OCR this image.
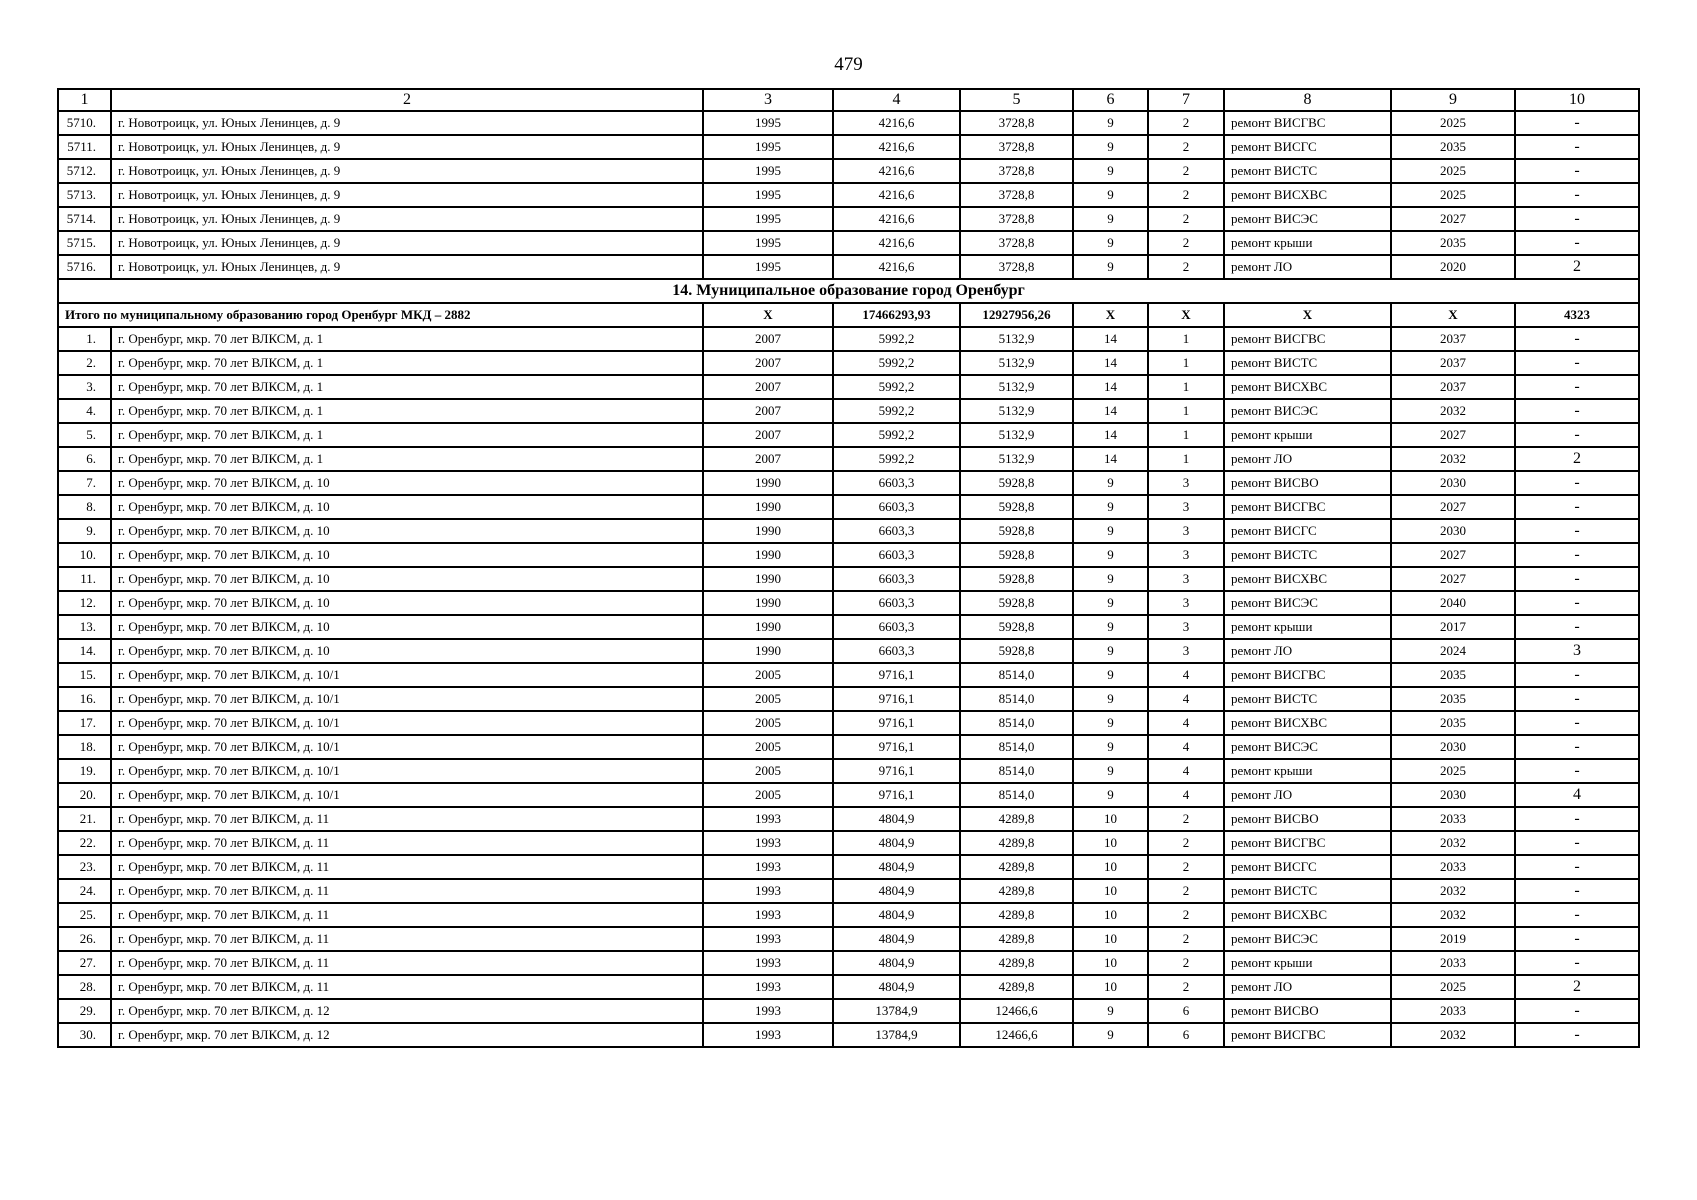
479
1	2	3	4	5	6	7	8	9	10
5710.	г. Новотроицк, ул. Юных Ленинцев, д. 9	1995	4216,6	3728,8	9	2	ремонт ВИСГВС	2025	-
5711.	г. Новотроицк, ул. Юных Ленинцев, д. 9	1995	4216,6	3728,8	9	2	ремонт ВИСГС	2035	-
5712.	г. Новотроицк, ул. Юных Ленинцев, д. 9	1995	4216,6	3728,8	9	2	ремонт ВИСТС	2025	-
5713.	г. Новотроицк, ул. Юных Ленинцев, д. 9	1995	4216,6	3728,8	9	2	ремонт ВИСХВС	2025	-
5714.	г. Новотроицк, ул. Юных Ленинцев, д. 9	1995	4216,6	3728,8	9	2	ремонт ВИСЭС	2027	-
5715.	г. Новотроицк, ул. Юных Ленинцев, д. 9	1995	4216,6	3728,8	9	2	ремонт крыши	2035	-
5716.	г. Новотроицк, ул. Юных Ленинцев, д. 9	1995	4216,6	3728,8	9	2	ремонт ЛО	2020	2
14. Муниципальное образование город Оренбург									
Итого по муниципальному образованию город Оренбург МКД – 2882		X	17466293,93	12927956,26	X	X	X	X	4323
1.	г. Оренбург, мкр. 70 лет ВЛКСМ, д. 1	2007	5992,2	5132,9	14	1	ремонт ВИСГВС	2037	-
2.	г. Оренбург, мкр. 70 лет ВЛКСМ, д. 1	2007	5992,2	5132,9	14	1	ремонт ВИСТС	2037	-
3.	г. Оренбург, мкр. 70 лет ВЛКСМ, д. 1	2007	5992,2	5132,9	14	1	ремонт ВИСХВС	2037	-
4.	г. Оренбург, мкр. 70 лет ВЛКСМ, д. 1	2007	5992,2	5132,9	14	1	ремонт ВИСЭС	2032	-
5.	г. Оренбург, мкр. 70 лет ВЛКСМ, д. 1	2007	5992,2	5132,9	14	1	ремонт крыши	2027	-
6.	г. Оренбург, мкр. 70 лет ВЛКСМ, д. 1	2007	5992,2	5132,9	14	1	ремонт ЛО	2032	2
7.	г. Оренбург, мкр. 70 лет ВЛКСМ, д. 10	1990	6603,3	5928,8	9	3	ремонт ВИСВО	2030	-
8.	г. Оренбург, мкр. 70 лет ВЛКСМ, д. 10	1990	6603,3	5928,8	9	3	ремонт ВИСГВС	2027	-
9.	г. Оренбург, мкр. 70 лет ВЛКСМ, д. 10	1990	6603,3	5928,8	9	3	ремонт ВИСГС	2030	-
10.	г. Оренбург, мкр. 70 лет ВЛКСМ, д. 10	1990	6603,3	5928,8	9	3	ремонт ВИСТС	2027	-
11.	г. Оренбург, мкр. 70 лет ВЛКСМ, д. 10	1990	6603,3	5928,8	9	3	ремонт ВИСХВС	2027	-
12.	г. Оренбург, мкр. 70 лет ВЛКСМ, д. 10	1990	6603,3	5928,8	9	3	ремонт ВИСЭС	2040	-
13.	г. Оренбург, мкр. 70 лет ВЛКСМ, д. 10	1990	6603,3	5928,8	9	3	ремонт крыши	2017	-
14.	г. Оренбург, мкр. 70 лет ВЛКСМ, д. 10	1990	6603,3	5928,8	9	3	ремонт ЛО	2024	3
15.	г. Оренбург, мкр. 70 лет ВЛКСМ, д. 10/1	2005	9716,1	8514,0	9	4	ремонт ВИСГВС	2035	-
16.	г. Оренбург, мкр. 70 лет ВЛКСМ, д. 10/1	2005	9716,1	8514,0	9	4	ремонт ВИСТС	2035	-
17.	г. Оренбург, мкр. 70 лет ВЛКСМ, д. 10/1	2005	9716,1	8514,0	9	4	ремонт ВИСХВС	2035	-
18.	г. Оренбург, мкр. 70 лет ВЛКСМ, д. 10/1	2005	9716,1	8514,0	9	4	ремонт ВИСЭС	2030	-
19.	г. Оренбург, мкр. 70 лет ВЛКСМ, д. 10/1	2005	9716,1	8514,0	9	4	ремонт крыши	2025	-
20.	г. Оренбург, мкр. 70 лет ВЛКСМ, д. 10/1	2005	9716,1	8514,0	9	4	ремонт ЛО	2030	4
21.	г. Оренбург, мкр. 70 лет ВЛКСМ, д. 11	1993	4804,9	4289,8	10	2	ремонт ВИСВО	2033	-
22.	г. Оренбург, мкр. 70 лет ВЛКСМ, д. 11	1993	4804,9	4289,8	10	2	ремонт ВИСГВС	2032	-
23.	г. Оренбург, мкр. 70 лет ВЛКСМ, д. 11	1993	4804,9	4289,8	10	2	ремонт ВИСГС	2033	-
24.	г. Оренбург, мкр. 70 лет ВЛКСМ, д. 11	1993	4804,9	4289,8	10	2	ремонт ВИСТС	2032	-
25.	г. Оренбург, мкр. 70 лет ВЛКСМ, д. 11	1993	4804,9	4289,8	10	2	ремонт ВИСХВС	2032	-
26.	г. Оренбург, мкр. 70 лет ВЛКСМ, д. 11	1993	4804,9	4289,8	10	2	ремонт ВИСЭС	2019	-
27.	г. Оренбург, мкр. 70 лет ВЛКСМ, д. 11	1993	4804,9	4289,8	10	2	ремонт крыши	2033	-
28.	г. Оренбург, мкр. 70 лет ВЛКСМ, д. 11	1993	4804,9	4289,8	10	2	ремонт ЛО	2025	2
29.	г. Оренбург, мкр. 70 лет ВЛКСМ, д. 12	1993	13784,9	12466,6	9	6	ремонт ВИСВО	2033	-
30.	г. Оренбург, мкр. 70 лет ВЛКСМ, д. 12	1993	13784,9	12466,6	9	6	ремонт ВИСГВС	2032	-
